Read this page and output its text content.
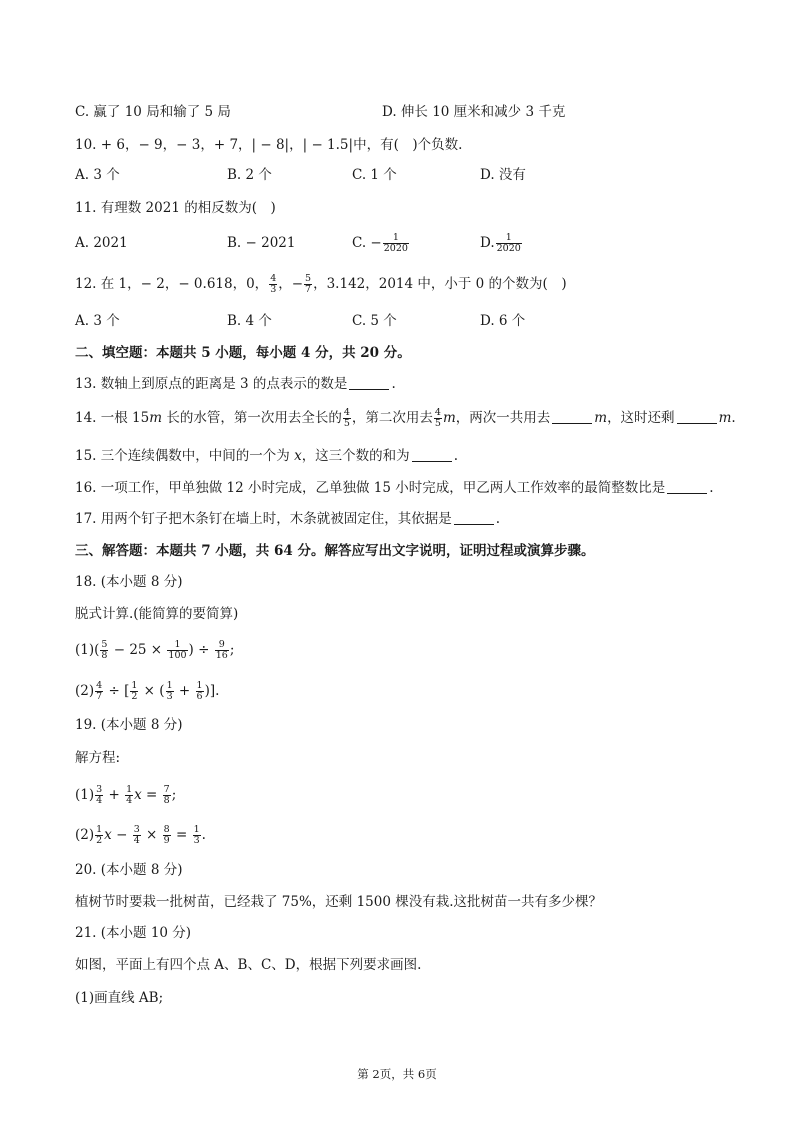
C. 赢了 10 局和输了 5 局	D. 伸长 10 厘米和减少 3 千克
10. + 6，− 9，− 3，+ 7，| − 8|，| − 1.5|中，有(　)个负数.
A. 3 个	B. 2 个	C. 1 个	D. 没有
11. 有理数 2021 的相反数为(　)
A. 2021	B. − 2021	C. − $\frac{1}{2020}$	D. $\frac{1}{2020}$
12. 在 1，− 2，− 0.618，0， $\frac{4}{3}$ ，− $\frac{5}{7}$ ，3.142，2014 中，小于 0 的个数为(　)
A. 3 个	B. 4 个	C. 5 个	D. 6 个
二、填空题：本题共 5 小题，每小题 4 分，共 20 分。
13. 数轴上到原点的距离是 3 的点表示的数是	.
14. 一根 15m 长的水管，第一次用去全长的 $\frac{4}{5}$ ，第二次用去 $\frac{4}{5}$ m，两次一共用去	m，这时还剩	m.
15. 三个连续偶数中，中间的一个为 x，这三个数的和为	.
16. 一项工作，甲单独做 12 小时完成，乙单独做 15 小时完成，甲乙两人工作效率的最简整数比是	.
17. 用两个钉子把木条钉在墙上时，木条就被固定住，其依据是	.
三、解答题：本题共 7 小题，共 64 分。解答应写出文字说明，证明过程或演算步骤。
18. (本小题 8 分)
脱式计算.(能简算的要简算)
$(1)( \frac{5}{8} - 25 \times \frac{1}{100}$ ) ÷ $\frac{9}{16}$ ;
$(2) \frac{4}{7}$ ÷ [ $\frac{1}{2}$ × ( $\frac{1}{3} + \frac{1}{6}$ )].
19. (本小题 8 分)
解方程:
$(1) \frac{3}{4} + \frac{1}{4}$ $x = \frac{7}{8}$ ;
$(2) \frac{1}{2}$ $x - \frac{3}{4} \times \frac{8}{9} = \frac{1}{3}$ .
20. (本小题 8 分)
植树节时要栽一批树苗，已经栽了 75%，还剩 1500 棵没有栽.这批树苗一共有多少棵？
21. (本小题 10 分)
如图，平面上有四个点 A、B、C、D，根据下列要求画图.
(1)画直线 AB;
第 2页，共 6页
